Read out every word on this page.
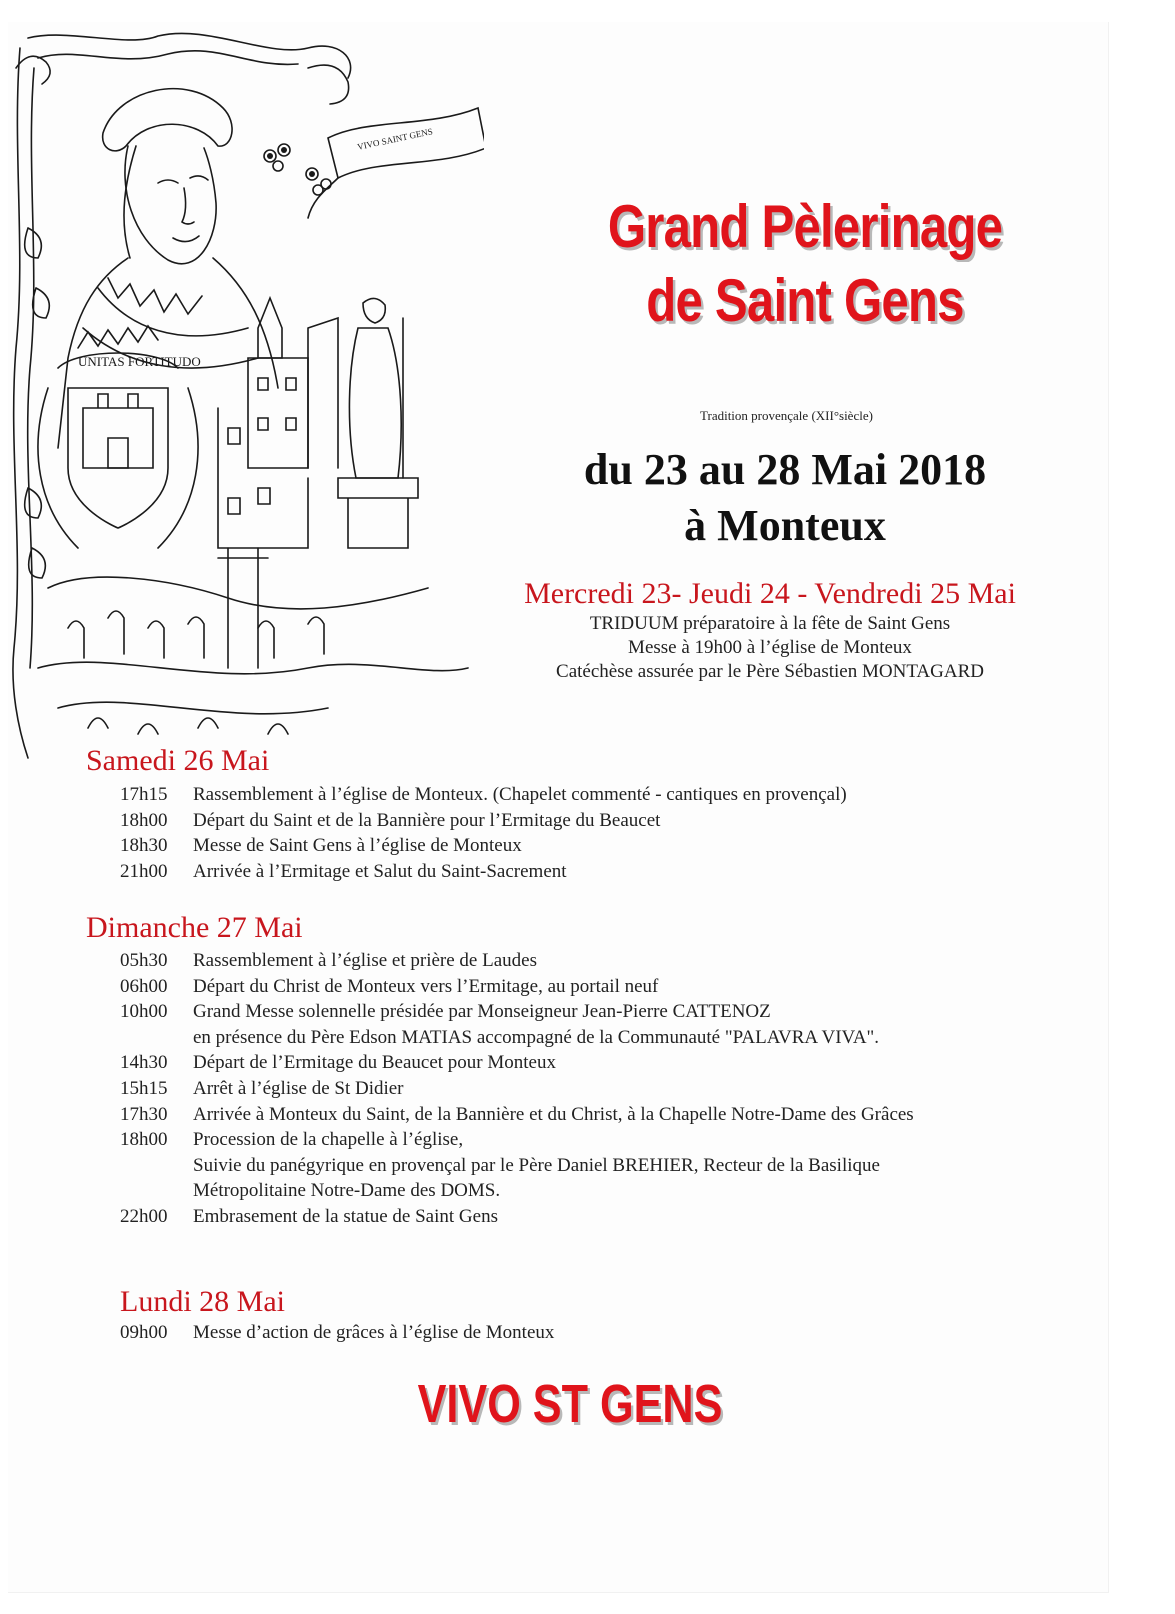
UNITAS FORTITUDO
VIVO SAINT GENS
Grand Pèlerinage
de Saint Gens
Tradition provençale (XII°siècle)
du 23 au 28 Mai 2018
à Monteux
Mercredi 23- Jeudi 24 - Vendredi 25 Mai
TRIDUUM préparatoire à la fête de Saint Gens
Messe à 19h00 à l’église de Monteux
Catéchèse assurée par le Père Sébastien MONTAGARD
Samedi 26 Mai
17h15	Rassemblement à l’église de Monteux. (Chapelet commenté - cantiques en provençal)
18h00	Départ du Saint et de la Bannière pour l’Ermitage du Beaucet
18h30	Messe de Saint Gens à l’église de Monteux
21h00	Arrivée à l’Ermitage et Salut du Saint-Sacrement
Dimanche 27 Mai
05h30	Rassemblement à l’église et prière de Laudes
06h00	Départ du Christ de Monteux vers l’Ermitage, au portail neuf
10h00	Grand Messe solennelle présidée par Monseigneur Jean-Pierre CATTENOZ
en présence du Père Edson MATIAS accompagné de la Communauté "PALAVRA VIVA".
14h30	Départ de l’Ermitage du Beaucet pour Monteux
15h15	Arrêt à l’église de St Didier
17h30	Arrivée à Monteux du Saint, de la Bannière et du Christ, à la Chapelle Notre-Dame des Grâces
18h00	Procession de la chapelle à l’église,
Suivie du panégyrique en provençal par le Père Daniel BREHIER, Recteur de la Basilique
Métropolitaine Notre-Dame des DOMS.
22h00	Embrasement de la statue de Saint Gens
Lundi 28 Mai
09h00	Messe d’action de grâces à l’église de Monteux
VIVO ST GENS
